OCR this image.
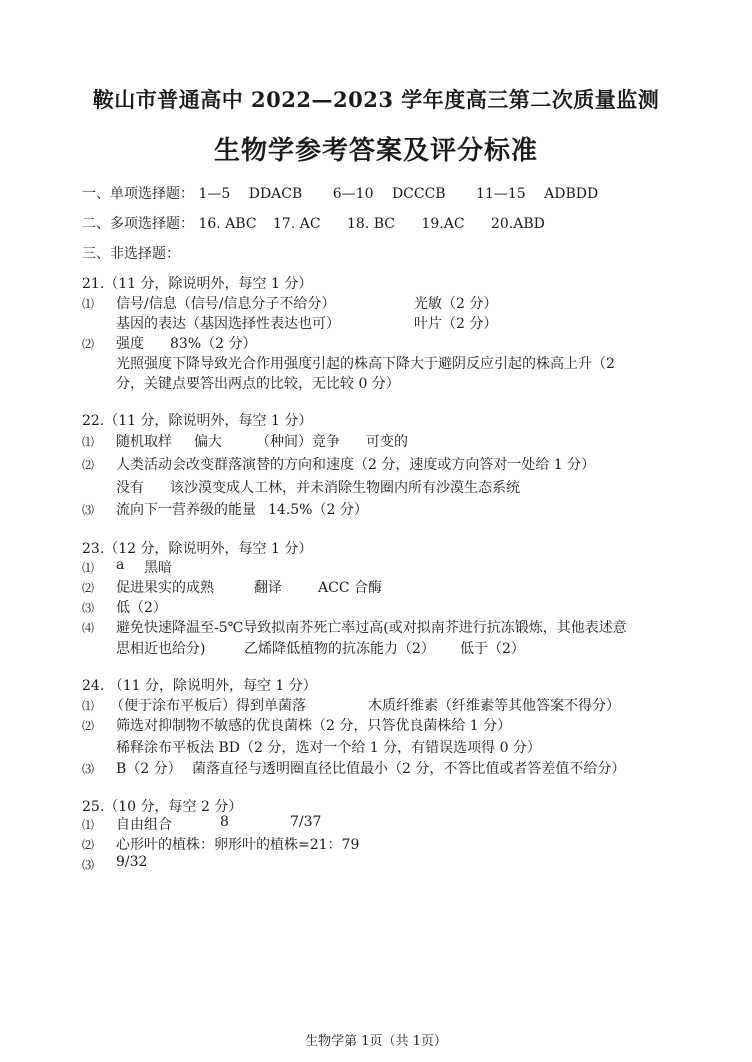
鞍山市普通高中 2022—2023 学年度高三第二次质量监测
生物学参考答案及评分标准
一、单项选择题： 1—5 DDACB 6—10 DCCCB 11—15 ADBDD
二、多项选择题： 16. ABC 17. AC 18. BC 19.AC 20.ABD
三、非选择题：
21.（11 分，除说明外，每空 1 分）
⑴ 信号/信息（信号/信息分子不给分）	光敏（2 分）
基因的表达（基因选择性表达也可）	叶片（2 分）
⑵ 强度 83%（2 分）
光照强度下降导致光合作用强度引起的株高下降大于避阴反应引起的株高上升（2
分，关键点要答出两点的比较，无比较 0 分）
22.（11 分，除说明外，每空 1 分）
⑴ 随机取样 偏大 （种间）竞争 可变的
⑵ 人类活动会改变群落演替的方向和速度（2 分，速度或方向答对一处给 1 分）
没有 该沙漠变成人工林，并未消除生物圈内所有沙漠生态系统
⑶ 流向下一营养级的能量 14.5%（2 分）
23.（12 分，除说明外，每空 1 分）
⑴ a 黑暗
⑵ 促进果实的成熟	翻译	ACC 合酶
⑶ 低（2）
⑷ 避免快速降温至-5℃导致拟南芥死亡率过高(或对拟南芥进行抗冻锻炼，其他表述意
思相近也给分)	乙烯降低植物的抗冻能力（2） 低于（2）
24. （11 分，除说明外，每空 1 分）
⑴ （便于涂布平板后）得到单菌落	木质纤维素（纤维素等其他答案不得分）
⑵ 筛选对抑制物不敏感的优良菌株（2 分，只答优良菌株给 1 分）
稀释涂布平板法 BD（2 分，选对一个给 1 分，有错误选项得 0 分）
⑶ B（2 分） 菌落直径与透明圈直径比值最小（2 分，不答比值或者答差值不给分）
25.（10 分，每空 2 分）
⑴ 自由组合	8	7/37
⑵ 心形叶的植株：卵形叶的植株=21：79
⑶ 9/32
生物学第 1页（共 1页）
